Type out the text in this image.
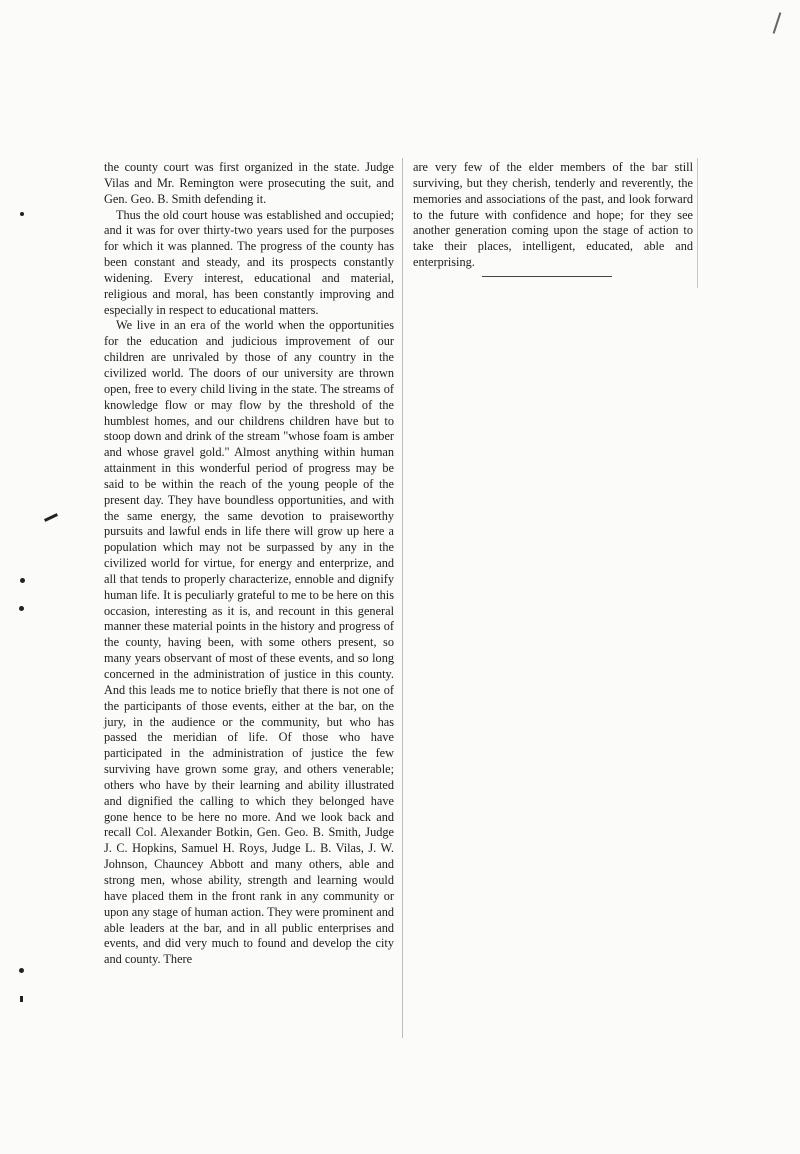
the county court was first organized in the state. Judge Vilas and Mr. Remington were prosecuting the suit, and Gen. Geo. B. Smith defending it.

Thus the old court house was established and occupied; and it was for over thirty-two years used for the purposes for which it was planned. The progress of the county has been constant and steady, and its prospects constantly widening. Every interest, educational and material, religious and moral, has been constantly improving and especially in respect to educational matters.

We live in an era of the world when the opportunities for the education and judicious improvement of our children are unrivaled by those of any country in the civilized world. The doors of our university are thrown open, free to every child living in the state. The streams of knowledge flow or may flow by the threshold of the humblest homes, and our childrens children have but to stoop down and drink of the stream "whose foam is amber and whose gravel gold." Almost anything within human attainment in this wonderful period of progress may be said to be within the reach of the young people of the present day. They have boundless opportunities, and with the same energy, the same devotion to praiseworthy pursuits and lawful ends in life there will grow up here a population which may not be surpassed by any in the civilized world for virtue, for energy and enterprize, and all that tends to properly characterize, ennoble and dignify human life. It is peculiarly grateful to me to be here on this occasion, interesting as it is, and recount in this general manner these material points in the history and progress of the county, having been, with some others present, so many years observant of most of these events, and so long concerned in the administration of justice in this county. And this leads me to notice briefly that there is not one of the participants of those events, either at the bar, on the jury, in the audience or the community, but who has passed the meridian of life. Of those who have participated in the administration of justice the few surviving have grown some gray, and others venerable; others who have by their learning and ability illustrated and dignified the calling to which they belonged have gone hence to be here no more. And we look back and recall Col. Alexander Botkin, Gen. Geo. B. Smith, Judge J. C. Hopkins, Samuel H. Roys, Judge L. B. Vilas, J. W. Johnson, Chauncey Abbott and many others, able and strong men, whose ability, strength and learning would have placed them in the front rank in any community or upon any stage of human action. They were prominent and able leaders at the bar, and in all public enterprises and events, and did very much to found and develop the city and county. There

are very few of the elder members of the bar still surviving, but they cherish, tenderly and reverently, the memories and associations of the past, and look forward to the future with confidence and hope; for they see another generation coming upon the stage of action to take their places, intelligent, educated, able and enterprising.
